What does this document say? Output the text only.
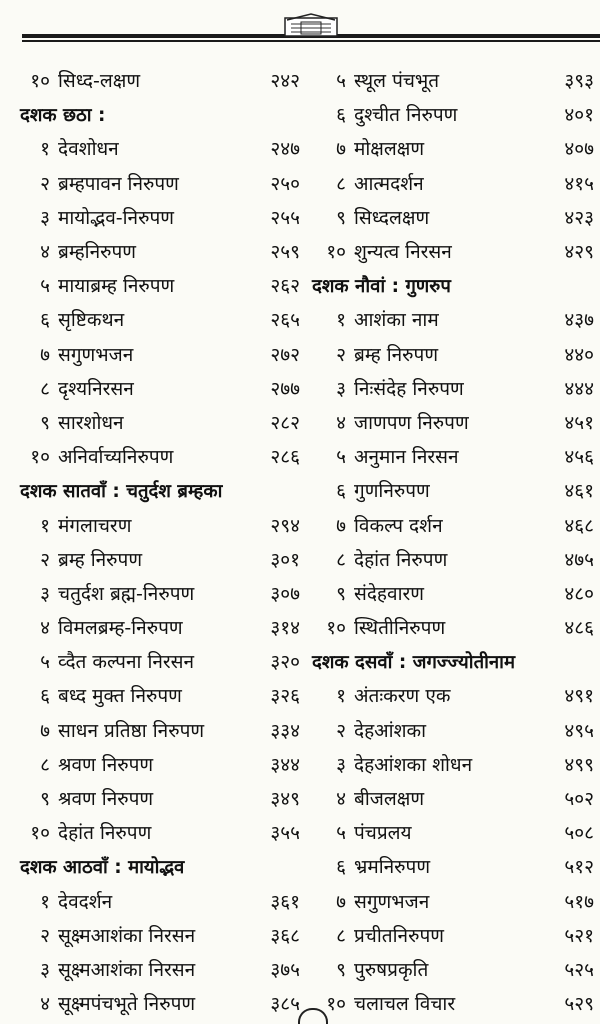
१० सिध्द-लक्षण	२४२
दशक छठा :
१ देवशोधन	२४७
२ ब्रम्हपावन निरुपण	२५०
३ मायोद्भव-निरुपण	२५५
४ ब्रम्हनिरुपण	२५९
५ मायाब्रम्ह निरुपण	२६२
६ सृष्टिकथन	२६५
७ सगुणभजन	२७२
८ दृश्यनिरसन	२७७
९ सारशोधन	२८२
१० अनिर्वाच्यनिरुपण	२८६
दशक सातवाँ : चतुर्दश ब्रम्हका
१ मंगलाचरण	२९४
२ ब्रम्ह निरुपण	३०१
३ चतुर्दश ब्रह्म-निरुपण	३०७
४ विमलब्रम्ह-निरुपण	३१४
५ व्दैत कल्पना निरसन	३२०
६ बध्द मुक्त निरुपण	३२६
७ साधन प्रतिष्ठा निरुपण	३३४
८ श्रवण निरुपण	३४४
९ श्रवण निरुपण	३४९
१० देहांत निरुपण	३५५
दशक आठवाँ : मायोद्भव
१ देवदर्शन	३६१
२ सूक्ष्मआशंका निरसन	३६८
३ सूक्ष्मआशंका निरसन	३७५
४ सूक्ष्मपंचभूते निरुपण	३८५
५ स्थूल पंचभूत	३९३
६ दुश्चीत निरुपण	४०१
७ मोक्षलक्षण	४०७
८ आत्मदर्शन	४१५
९ सिध्दलक्षण	४२३
१० शुन्यत्व निरसन	४२९
दशक नौवां : गुणरुप
१ आशंका नाम	४३७
२ ब्रम्ह निरुपण	४४०
३ निःसंदेह निरुपण	४४४
४ जाणपण निरुपण	४५१
५ अनुमान निरसन	४५६
६ गुणनिरुपण	४६१
७ विकल्प दर्शन	४६८
८ देहांत निरुपण	४७५
९ संदेहवारण	४८०
१० स्थितीनिरुपण	४८६
दशक दसवाँ : जगज्ज्योतीनाम
१ अंतःकरण एक	४९१
२ देहआंशका	४९५
३ देहआंशका शोधन	४९९
४ बीजलक्षण	५०२
५ पंचप्रलय	५०८
६ भ्रमनिरुपण	५१२
७ सगुणभजन	५१७
८ प्रचीतनिरुपण	५२१
९ पुरुषप्रकृति	५२५
१० चलाचल विचार	५२९
